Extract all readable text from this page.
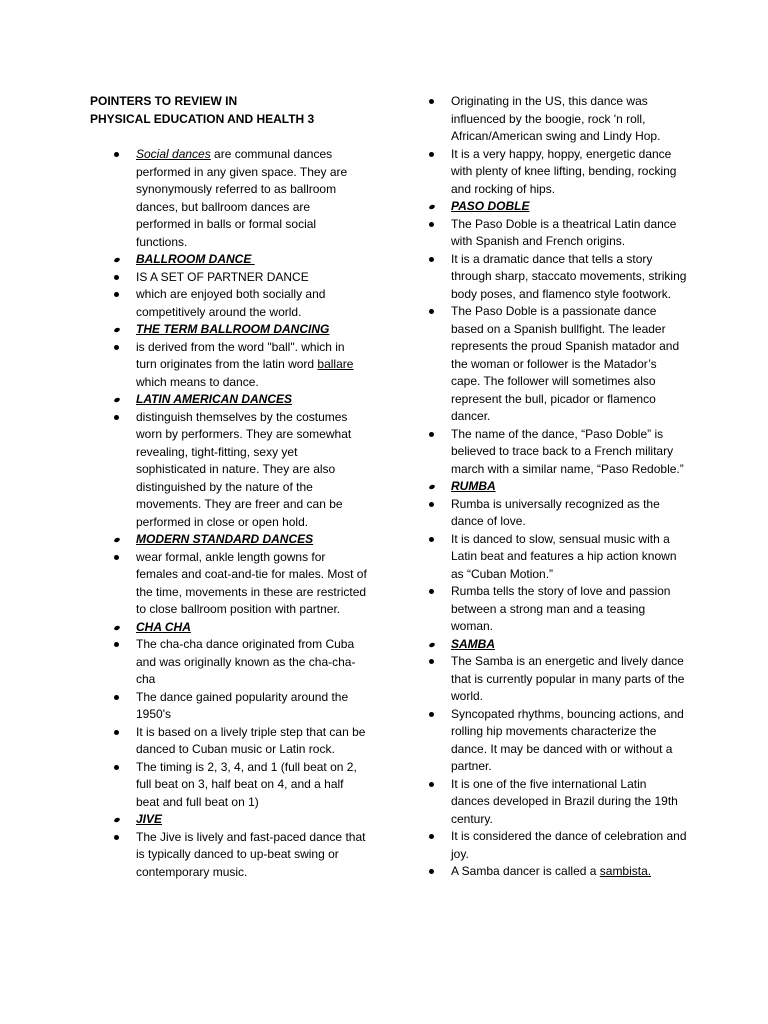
POINTERS TO REVIEW IN
PHYSICAL EDUCATION AND HEALTH 3
Social dances are communal dances performed in any given space. They are synonymously referred to as ballroom dances, but ballroom dances are performed in balls or formal social functions.
BALLROOM DANCE
IS A SET OF PARTNER DANCE
which are enjoyed both socially and competitively around the world.
THE TERM BALLROOM DANCING
is derived from the word "ball". which in turn originates from the latin word ballare which means to dance.
LATIN AMERICAN DANCES
distinguish themselves by the costumes worn by performers. They are somewhat revealing, tight-fitting, sexy yet sophisticated in nature. They are also distinguished by the nature of the movements. They are freer and can be performed in close or open hold.
MODERN STANDARD DANCES
wear formal, ankle length gowns for females and coat-and-tie for males. Most of the time, movements in these are restricted to close ballroom position with partner.
CHA CHA
The cha-cha dance originated from Cuba and was originally known as the cha-cha-cha
The dance gained popularity around the 1950's
It is based on a lively triple step that can be danced to Cuban music or Latin rock.
The timing is 2, 3, 4, and 1 (full beat on 2, full beat on 3, half beat on 4, and a half beat and full beat on 1)
JIVE
The Jive is lively and fast-paced dance that is typically danced to up-beat swing or contemporary music.
Originating in the US, this dance was influenced by the boogie, rock 'n roll, African/American swing and Lindy Hop.
It is a very happy, hoppy, energetic dance with plenty of knee lifting, bending, rocking and rocking of hips.
PASO DOBLE
The Paso Doble is a theatrical Latin dance with Spanish and French origins.
It is a dramatic dance that tells a story through sharp, staccato movements, striking body poses, and flamenco style footwork.
The Paso Doble is a passionate dance based on a Spanish bullfight. The leader represents the proud Spanish matador and the woman or follower is the Matador’s cape. The follower will sometimes also represent the bull, picador or flamenco dancer.
The name of the dance, “Paso Doble” is believed to trace back to a French military march with a similar name, “Paso Redoble.”
RUMBA
Rumba is universally recognized as the dance of love.
It is danced to slow, sensual music with a Latin beat and features a hip action known as “Cuban Motion.”
Rumba tells the story of love and passion between a strong man and a teasing woman.
SAMBA
The Samba is an energetic and lively dance that is currently popular in many parts of the world.
Syncopated rhythms, bouncing actions, and rolling hip movements characterize the dance. It may be danced with or without a partner.
It is one of the five international Latin dances developed in Brazil during the 19th century.
It is considered the dance of celebration and joy.
A Samba dancer is called a sambista.
